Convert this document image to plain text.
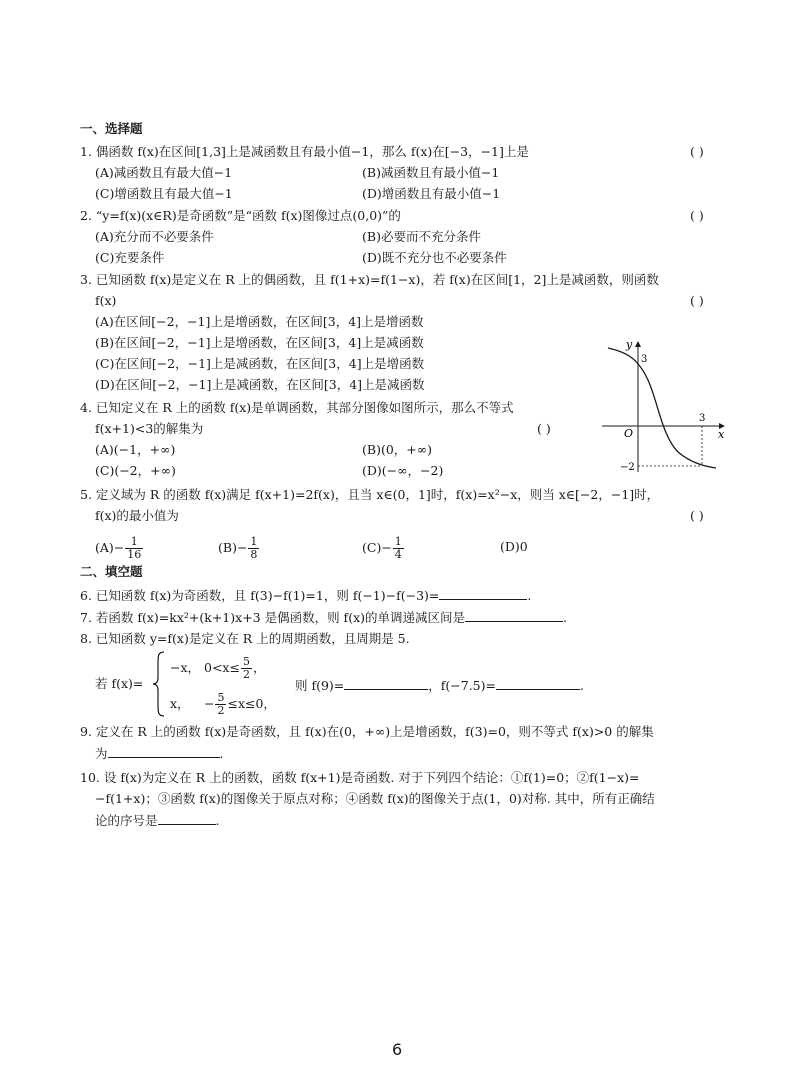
一、选择题
1. 偶函数 f(x)在区间[1,3]上是减函数且有最小值−1，那么 f(x)在[−3，−1]上是	( )
(A)减函数且有最大值−1	(B)减函数且有最小值−1
(C)增函数且有最大值−1	(D)增函数且有最小值−1
2. “y=f(x)(x∈R)是奇函数”是“函数 f(x)图像过点(0,0)”的	( )
(A)充分而不必要条件	(B)必要而不充分条件
(C)充要条件	(D)既不充分也不必要条件
3. 已知函数 f(x)是定义在 R 上的偶函数，且 f(1+x)=f(1−x)，若 f(x)在区间[1，2]上是减函数，则函数
f(x)	( )
(A)在区间[−2，−1]上是增函数，在区间[3，4]上是增函数
(B)在区间[−2，−1]上是增函数，在区间[3，4]上是减函数
(C)在区间[−2，−1]上是减函数，在区间[3，4]上是增函数
(D)在区间[−2，−1]上是减函数，在区间[3，4]上是减函数
4. 已知定义在 R 上的函数 f(x)是单调函数，其部分图像如图所示，那么不等式
f(x+1)<3的解集为	( )
(A)(−1，+∞)	(B)(0，+∞)
(C)(−2，+∞)	(D)(−∞，−2)
y
x
O
3
3
−2
5. 定义域为 R 的函数 f(x)满足 f(x+1)=2f(x)，且当 x∈(0，1]时，f(x)=x²−x，则当 x∈[−2，−1]时，
f(x)的最小值为	( )
$(A)- \frac{1}{16}$	$(B)- \frac{1}{8}$	$(C)- \frac{1}{4}$	(D)0
二、填空题
6. 已知函数 f(x)为奇函数，且 f(3)−f(1)=1，则 f(−1)−f(−3)=	.
7. 若函数 f(x)=kx²+(k+1)x+3 是偶函数，则 f(x)的单调递减区间是	.
8. 已知函数 y=f(x)是定义在 R 上的周期函数，且周期是 5.
若 f(x)=
−x， $0<x\le \frac{5}{2}$ ，
x， − $\frac{5}{2} \le x\le 0$，
则 f(9)=	，f(−7.5)=	.
9. 定义在 R 上的函数 f(x)是奇函数，且 f(x)在(0，+∞)上是增函数，f(3)=0，则不等式 f(x)>0 的解集
为	.
10. 设 f(x)为定义在 R 上的函数，函数 f(x+1)是奇函数. 对于下列四个结论：①f(1)=0；②f(1−x)=
−f(1+x)；③函数 f(x)的图像关于原点对称；④函数 f(x)的图像关于点(1，0)对称. 其中，所有正确结
论的序号是	.
6
